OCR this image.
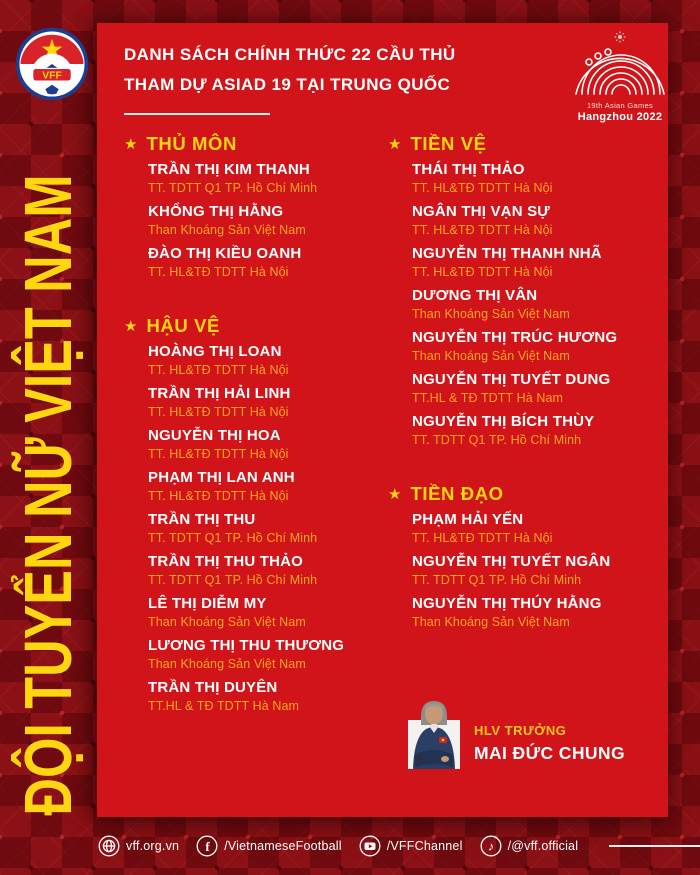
DANH SÁCH CHÍNH THỨC 22 CẦU THỦ
THAM DỰ ASIAD 19 TẠI TRUNG QUỐC
19th Asian Games
Hangzhou 2022
★ THỦ MÔN
TRẦN THỊ KIM THANH
TT. TDTT Q1 TP. Hồ Chí Minh
KHỔNG THỊ HẰNG
Than Khoáng Sản Việt Nam
ĐÀO THỊ KIỀU OANH
TT. HL&TĐ TDTT Hà Nội
★ HẬU VỆ
HOÀNG THỊ LOAN
TT. HL&TĐ TDTT Hà Nội
TRẦN THỊ HẢI LINH
TT. HL&TĐ TDTT Hà Nội
NGUYỄN THỊ HOA
TT. HL&TĐ TDTT Hà Nội
PHẠM THỊ LAN ANH
TT. HL&TĐ TDTT Hà Nội
TRẦN THỊ THU
TT. TDTT Q1 TP. Hồ Chí Minh
TRẦN THỊ THU THẢO
TT. TDTT Q1 TP. Hồ Chí Minh
LÊ THỊ DIỄM MY
Than Khoáng Sản Việt Nam
LƯƠNG THỊ THU THƯƠNG
Than Khoáng Sản Việt Nam
TRẦN THỊ DUYÊN
TT.HL & TĐ TDTT Hà Nam
★ TIỀN VỆ
THÁI THỊ THẢO
TT. HL&TĐ TDTT Hà Nội
NGÂN THỊ VẠN SỰ
TT. HL&TĐ TDTT Hà Nội
NGUYỄN THỊ THANH NHÃ
TT. HL&TĐ TDTT Hà Nội
DƯƠNG THỊ VÂN
Than Khoáng Sản Việt Nam
NGUYỄN THỊ TRÚC HƯƠNG
Than Khoáng Sản Việt Nam
NGUYỄN THỊ TUYẾT DUNG
TT.HL & TĐ TDTT Hà Nam
NGUYỄN THỊ BÍCH THÙY
TT. TDTT Q1 TP. Hồ Chí Minh
★ TIỀN ĐẠO
PHẠM HẢI YẾN
TT. HL&TĐ TDTT Hà Nội
NGUYỄN THỊ TUYẾT NGÂN
TT. TDTT Q1 TP. Hồ Chí Minh
NGUYỄN THỊ THÚY HẰNG
Than Khoáng Sản Việt Nam
HLV TRƯỞNG
MAI ĐỨC CHUNG
VFF
ĐỘI TUYỂN NỮ VIỆT NAM
vff.org.vn f /VietnameseFootball	/VFFChannel ♪ /@vff.official
